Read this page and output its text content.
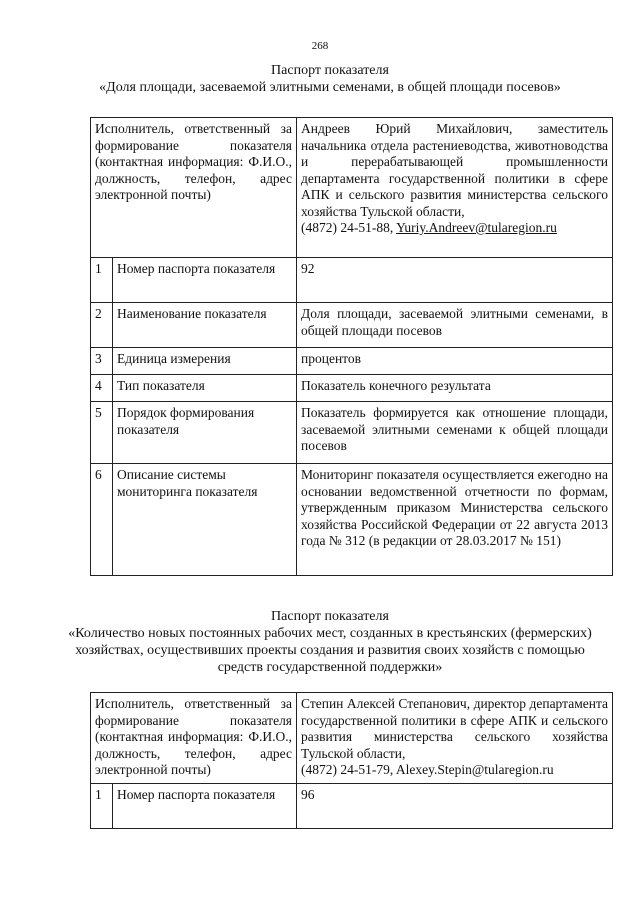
268
Паспорт показателя
«Доля площади, засеваемой элитными семенами, в общей площади посевов»
Исполнитель, ответственный за формирование показателя (контактная информация: Ф.И.О., должность, телефон, адрес электронной почты)		Андреев Юрий Михайлович, заместитель начальника отдела растениеводства, животноводства и перерабатывающей промышленности департамента государственной политики в сфере АПК и сельского развития министерства сельского хозяйства Тульской области,
(4872) 24-51-88, Yuriy.Andreev@tularegion.ru

1	Номер паспорта показателя	92
2	Наименование показателя	Доля площади, засеваемой элитными семенами, в общей площади посевов
3	Единица измерения	процентов
4	Тип показателя	Показатель конечного результата
5	Порядок формирования показателя	Показатель формируется как отношение площади, засеваемой элитными семенами к общей площади посевов
6	Описание системы мониторинга показателя	Мониторинг показателя осуществляется ежегодно на основании ведомственной отчетности по формам, утвержденным приказом Министерства сельского хозяйства Российской Федерации от 22 августа 2013 года № 312 (в редакции от 28.03.2017 № 151)
Паспорт показателя
«Количество новых постоянных рабочих мест, созданных в крестьянских (фермерских) хозяйствах, осуществивших проекты создания и развития своих хозяйств с помощью средств государственной поддержки»
Исполнитель, ответственный за формирование показателя (контактная информация: Ф.И.О., должность, телефон, адрес электронной почты)		Степин Алексей Степанович, директор департамента государственной политики в сфере АПК и сельского развития министерства сельского хозяйства Тульской области,
(4872) 24-51-79, Alexey.Stepin@tularegion.ru

1	Номер паспорта показателя	96
